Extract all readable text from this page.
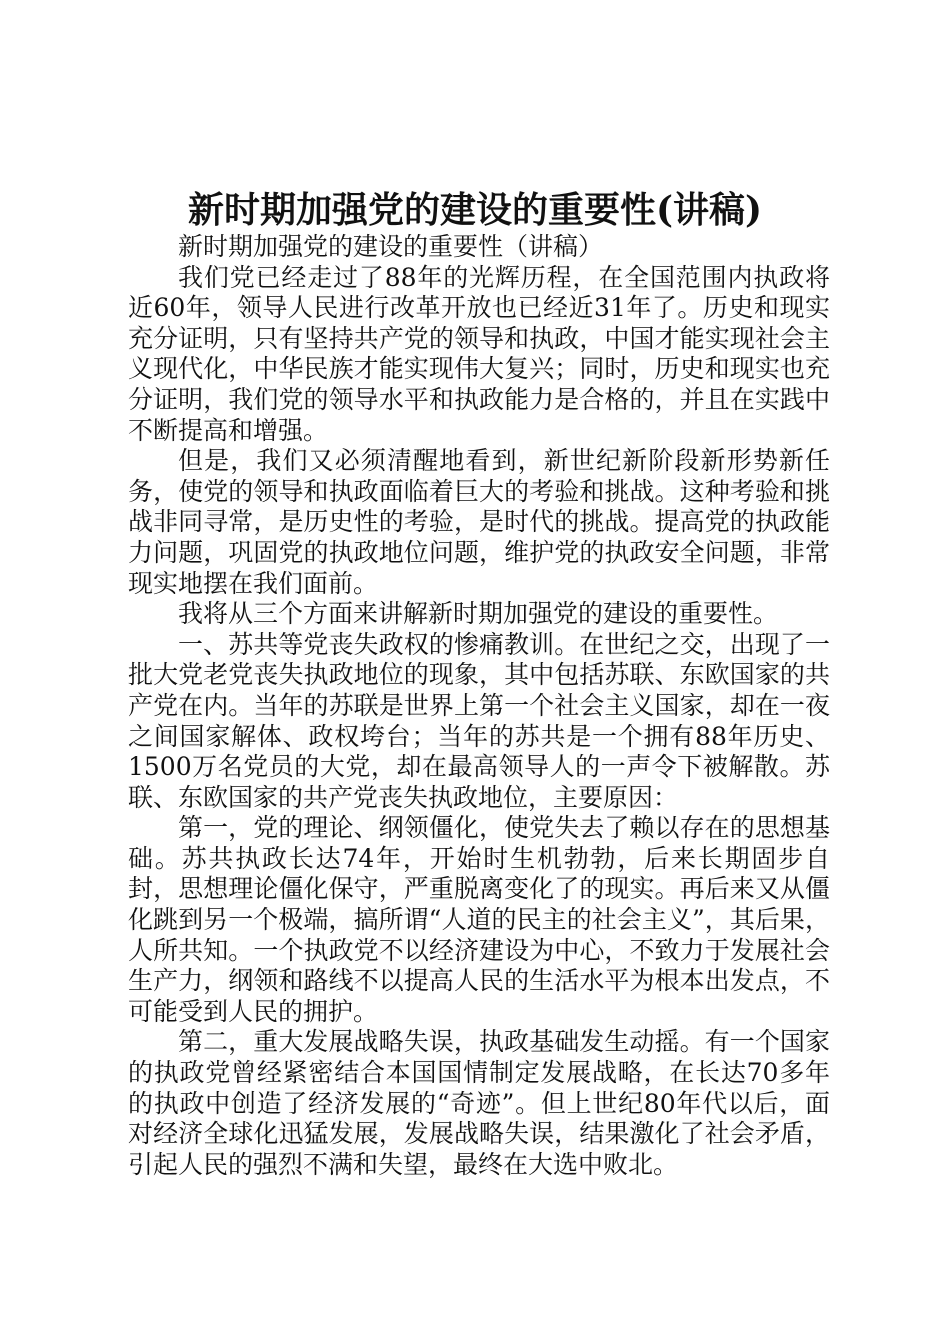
新时期加强党的建设的重要性(讲稿)

新时期加强党的建设的重要性（讲稿）

我们党已经走过了88年的光辉历程，在全国范围内执政将近60年，领导人民进行改革开放也已经近31年了。历史和现实充分证明，只有坚持共产党的领导和执政，中国才能实现社会主义现代化，中华民族才能实现伟大复兴；同时，历史和现实也充分证明，我们党的领导水平和执政能力是合格的，并且在实践中不断提高和增强。

但是，我们又必须清醒地看到，新世纪新阶段新形势新任务，使党的领导和执政面临着巨大的考验和挑战。这种考验和挑战非同寻常，是历史性的考验，是时代的挑战。提高党的执政能力问题，巩固党的执政地位问题，维护党的执政安全问题，非常现实地摆在我们面前。

我将从三个方面来讲解新时期加强党的建设的重要性。

一、苏共等党丧失政权的惨痛教训。在世纪之交，出现了一批大党老党丧失执政地位的现象，其中包括苏联、东欧国家的共产党在内。当年的苏联是世界上第一个社会主义国家，却在一夜之间国家解体、政权垮台；当年的苏共是一个拥有88年历史、1500万名党员的大党，却在最高领导人的一声令下被解散。苏联、东欧国家的共产党丧失执政地位，主要原因：

第一，党的理论、纲领僵化，使党失去了赖以存在的思想基础。苏共执政长达74年，开始时生机勃勃，后来长期固步自封，思想理论僵化保守，严重脱离变化了的现实。再后来又从僵化跳到另一个极端，搞所谓“人道的民主的社会主义”，其后果，人所共知。一个执政党不以经济建设为中心，不致力于发展社会生产力，纲领和路线不以提高人民的生活水平为根本出发点，不可能受到人民的拥护。

第二，重大发展战略失误，执政基础发生动摇。有一个国家的执政党曾经紧密结合本国国情制定发展战略，在长达70多年的执政中创造了经济发展的“奇迹”。但上世纪80年代以后，面对经济全球化迅猛发展，发展战略失误，结果激化了社会矛盾，引起人民的强烈不满和失望，最终在大选中败北。
